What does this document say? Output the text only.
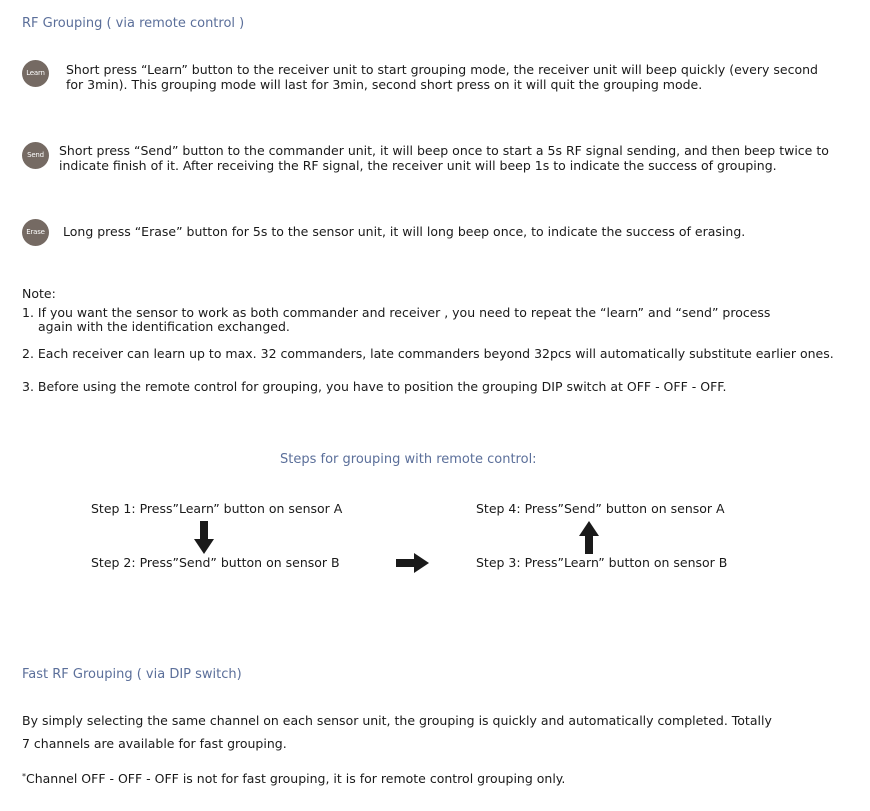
RF Grouping ( via remote control )
Learn	Short press “Learn” button to the receiver unit to start grouping mode, the receiver unit will beep quickly (every second
for 3min). This grouping mode will last for 3min, second short press on it will quit the grouping mode.
Send	Short press “Send” button to the commander unit, it will beep once to start a 5s RF signal sending, and then beep twice to
indicate finish of it. After receiving the RF signal, the receiver unit will beep 1s to indicate the success of grouping.
Erase	Long press “Erase” button for 5s to the sensor unit, it will long beep once, to indicate the success of erasing.
Note:
1. If you want the sensor to work as both commander and receiver , you need to repeat the “learn” and “send” process
again with the identification exchanged.
2. Each receiver can learn up to max. 32 commanders, late commanders beyond 32pcs will automatically substitute earlier ones.
3. Before using the remote control for grouping, you have to position the grouping DIP switch at OFF - OFF - OFF.
Steps for grouping with remote control:
Step 1: Press”Learn” button on sensor A
Step 2: Press”Send” button on sensor B
Step 4: Press”Send” button on sensor A
Step 3: Press”Learn” button on sensor B
Fast RF Grouping ( via DIP switch)
By simply selecting the same channel on each sensor unit, the grouping is quickly and automatically completed. Totally
7 channels are available for fast grouping.
*Channel OFF - OFF - OFF is not for fast grouping, it is for remote control grouping only.
